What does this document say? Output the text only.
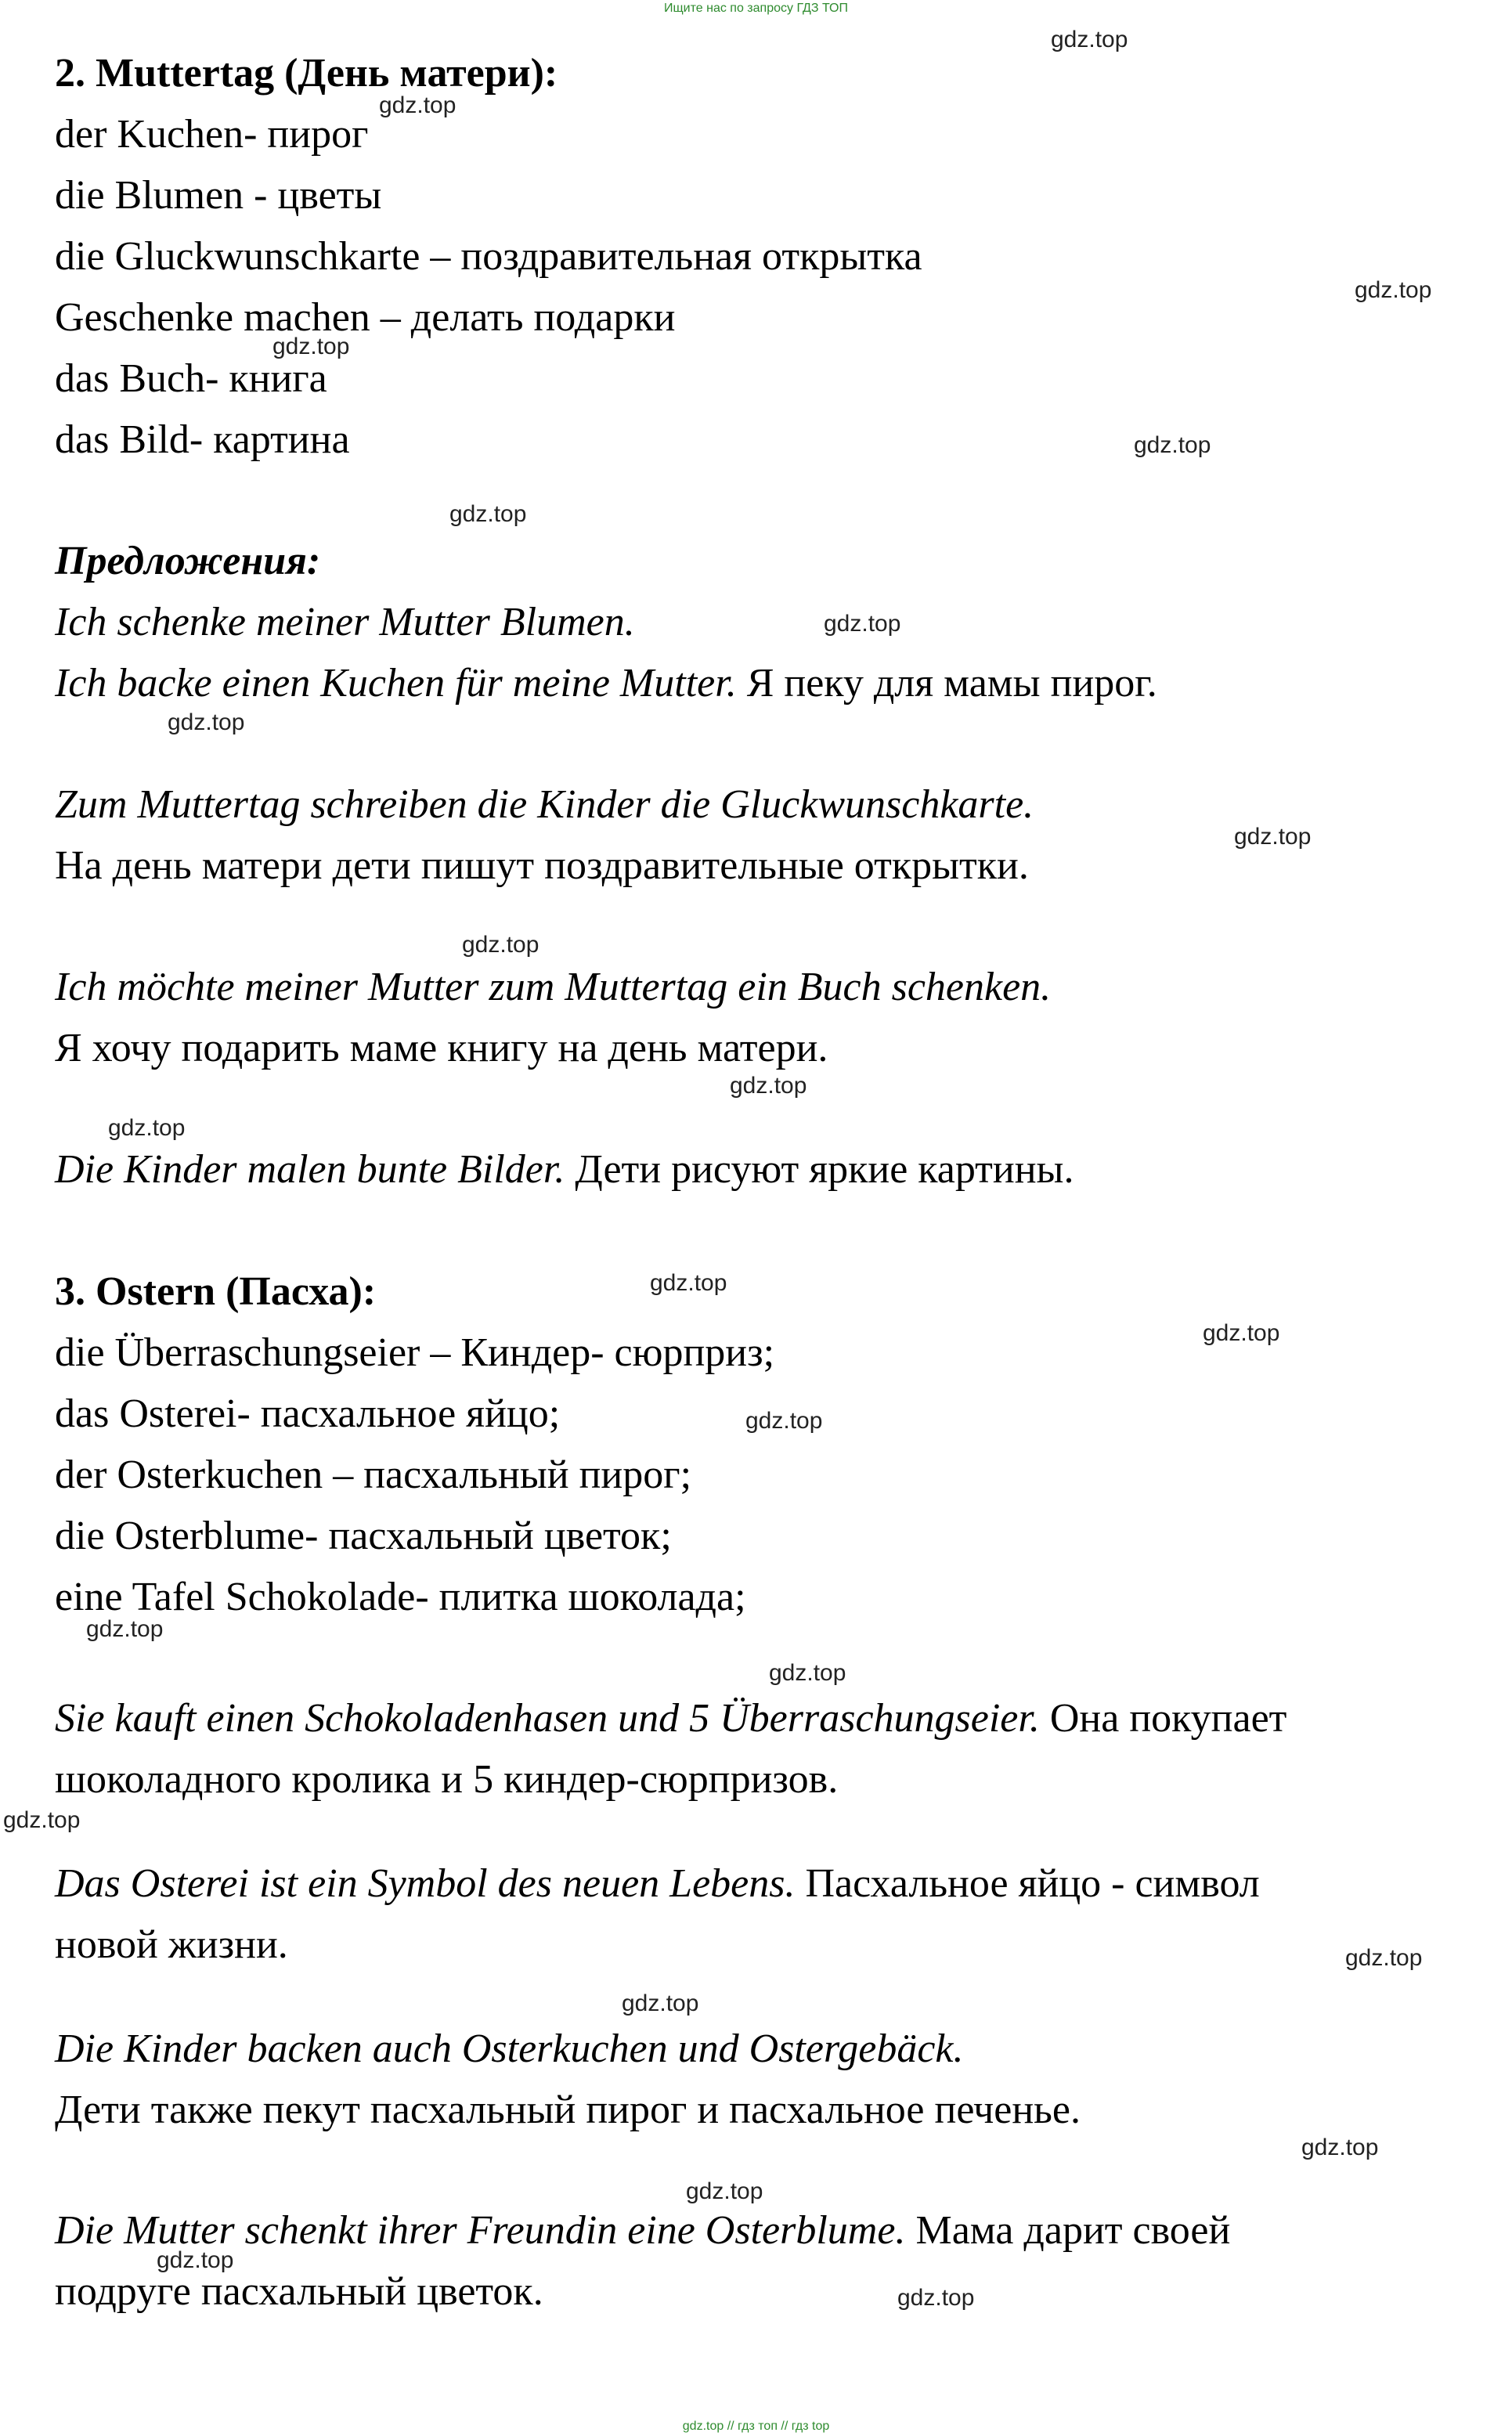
Ищите нас по запросу ГДЗ ТОП
2. Muttertag (День матери):
der Kuchen- пирог
die Blumen - цветы
die Gluckwunschkarte – поздравительная открытка
Geschenke machen – делать подарки
das Buch- книга
das Bild- картина
Предложения:
Ich schenke meiner Mutter Blumen.
Ich backe einen Kuchen für meine Mutter. Я пеку для мамы пирог.
Zum Muttertag schreiben die Kinder die Gluckwunschkarte.
На день матери дети пишут поздравительные открытки.
Ich möchte meiner Mutter zum Muttertag ein Buch schenken.
Я хочу подарить маме книгу на день матери.
Die Kinder malen bunte Bilder. Дети рисуют яркие картины.
3. Ostern (Пасха):
die Überraschungseier – Киндер- сюрприз;
das Osterei- пасхальное яйцо;
der Osterkuchen – пасхальный пирог;
die Osterblume- пасхальный цветок;
eine Tafel Schokolade- плитка шоколада;
Sie kauft einen Schokoladenhasen und 5 Überraschungseier. Она покупает
шоколадного кролика и 5 киндер-сюрпризов.
Das Osterei ist ein Symbol des neuen Lebens. Пасхальное яйцо - символ
новой жизни.
Die Kinder backen auch Osterkuchen und Ostergebäck.
Дети также пекут пасхальный пирог и пасхальное печенье.
Die Mutter schenkt ihrer Freundin eine Osterblume. Мама дарит своей
подруге пасхальный цветок.
gdz.top
gdz.top
gdz.top
gdz.top
gdz.top
gdz.top
gdz.top
gdz.top
gdz.top
gdz.top
gdz.top
gdz.top
gdz.top
gdz.top
gdz.top
gdz.top
gdz.top
gdz.top
gdz.top
gdz.top
gdz.top
gdz.top
gdz.top
gdz.top
gdz.top // гдз топ // гдз top
